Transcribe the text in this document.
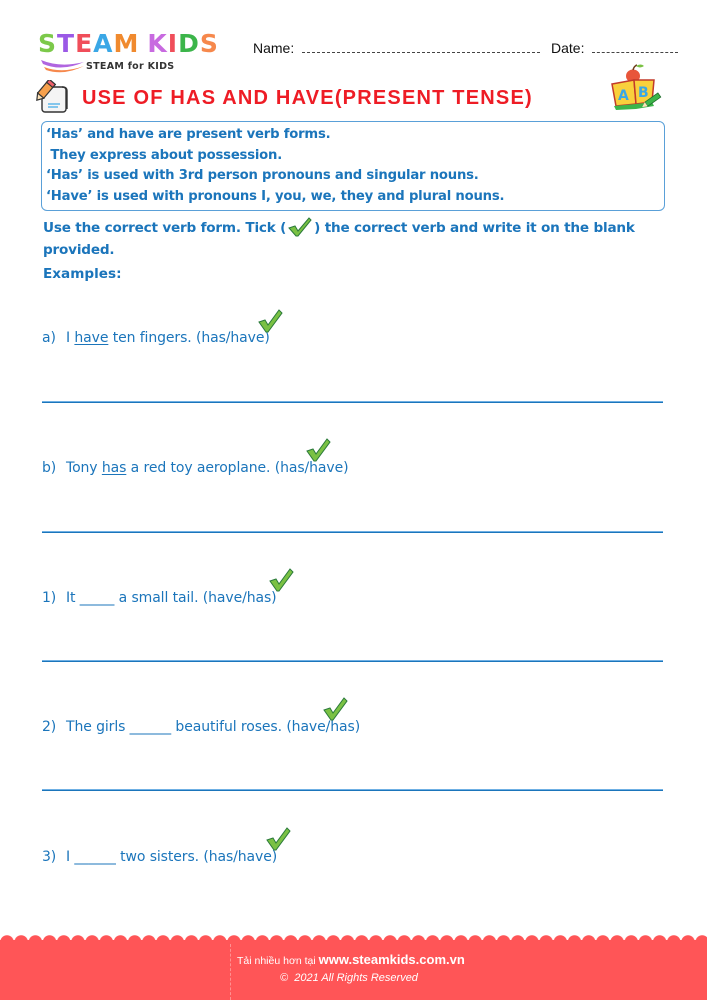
STEAM KIDS
STEAM for KIDS
Name:	Date:
USE OF HAS AND HAVE(PRESENT TENSE)	A B

‘Has’ and have are present verb forms.

They express about possession.

‘Has’ is used with 3rd person pronouns and singular nouns.

‘Have’ is used with pronouns I, you, we, they and plural nouns.

Use the correct verb form. Tick ( ) the correct verb and write it on the blank provided.
Examples:
a) I have ten fingers. (has/have)
b) Tony has a red toy aeroplane. (has/have)
1) It _____ a small tail. (have/has)
2) The girls ______ beautiful roses. (have/has)
3) I ______ two sisters. (has/have)
Tải nhiều hơn tại www.steamkids.com.vn
©  2021 All Rights Reserved
